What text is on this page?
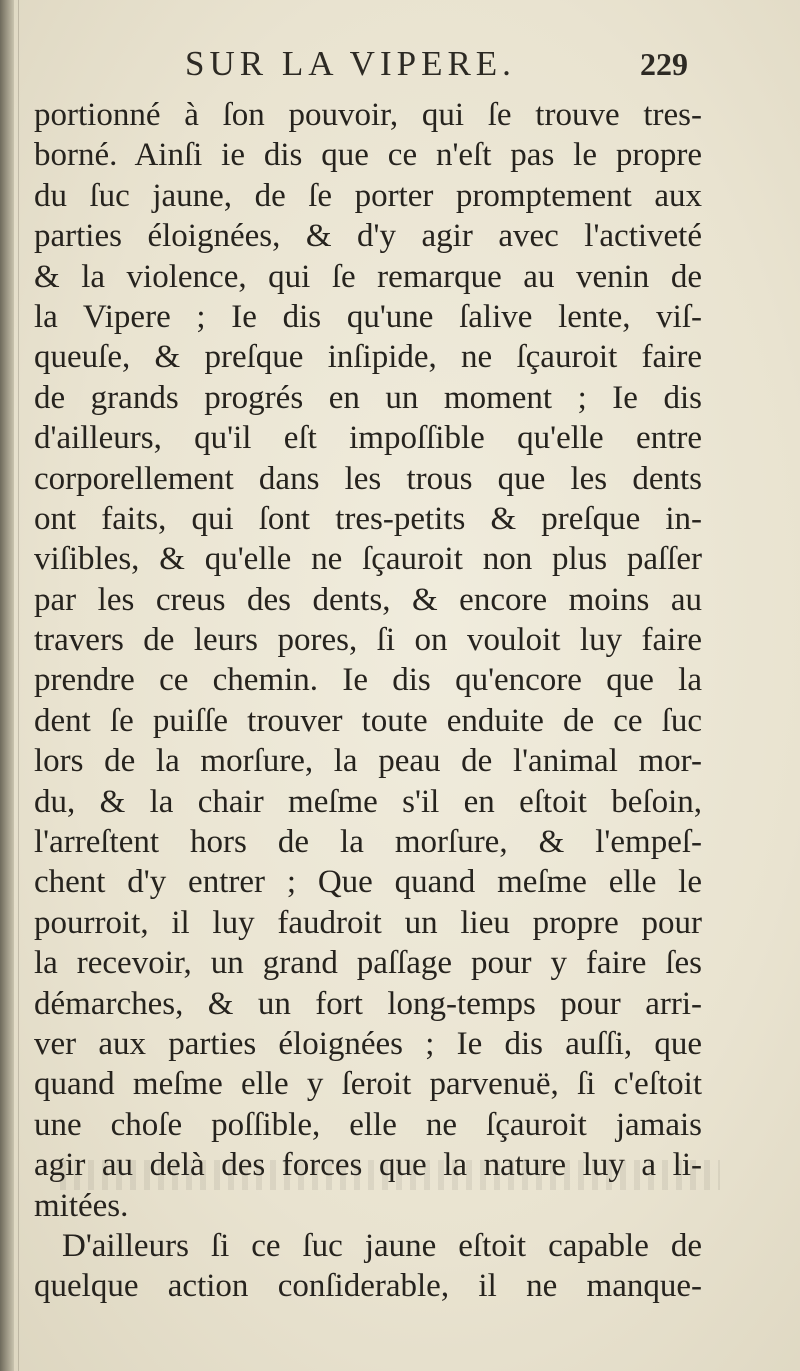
SUR LA VIPERE.	229
portionné à ſon pouvoir, qui ſe trouve tres-
borné. Ainſi ie dis que ce n'eſt pas le propre
du ſuc jaune, de ſe porter promptement aux
parties éloignées, & d'y agir avec l'activeté
& la violence, qui ſe remarque au venin de
la Vipere ; Ie dis qu'une ſalive lente, viſ-
queuſe, & preſque inſipide, ne ſçauroit faire
de grands progrés en un moment ; Ie dis
d'ailleurs, qu'il eſt impoſſible qu'elle entre
corporellement dans les trous que les dents
ont faits, qui ſont tres-petits & preſque in-
viſibles, & qu'elle ne ſçauroit non plus paſſer
par les creus des dents, & encore moins au
travers de leurs pores, ſi on vouloit luy faire
prendre ce chemin. Ie dis qu'encore que la
dent ſe puiſſe trouver toute enduite de ce ſuc
lors de la morſure, la peau de l'animal mor-
du, & la chair meſme s'il en eſtoit beſoin,
l'arreſtent hors de la morſure, & l'empeſ-
chent d'y entrer ; Que quand meſme elle le
pourroit, il luy faudroit un lieu propre pour
la recevoir, un grand paſſage pour y faire ſes
démarches, & un fort long-temps pour arri-
ver aux parties éloignées ; Ie dis auſſi, que
quand meſme elle y ſeroit parvenuë, ſi c'eſtoit
une choſe poſſible, elle ne ſçauroit jamais
agir au delà des forces que la nature luy a li-
mitées.
D'ailleurs ſi ce ſuc jaune eſtoit capable de
quelque action conſiderable, il ne manque-
